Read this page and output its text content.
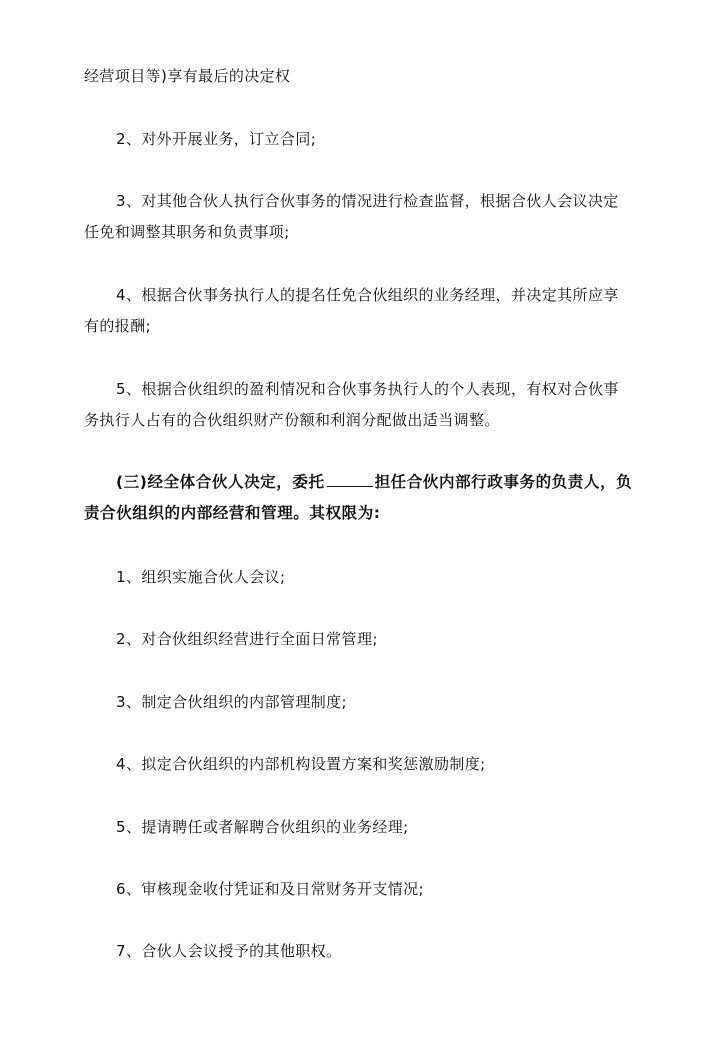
经营项目等)享有最后的决定权
2、对外开展业务，订立合同;
3、对其他合伙人执行合伙事务的情况进行检查监督，根据合伙人会议决定
任免和调整其职务和负责事项;
4、根据合伙事务执行人的提名任免合伙组织的业务经理，并决定其所应享
有的报酬;
5、根据合伙组织的盈利情况和合伙事务执行人的个人表现，有权对合伙事
务执行人占有的合伙组织财产份额和利润分配做出适当调整。
(三)经全体合伙人决定，委托	担任合伙内部行政事务的负责人，负
责合伙组织的内部经营和管理。其权限为:
1、组织实施合伙人会议;
2、对合伙组织经营进行全面日常管理;
3、制定合伙组织的内部管理制度;
4、拟定合伙组织的内部机构设置方案和奖惩激励制度;
5、提请聘任或者解聘合伙组织的业务经理;
6、审核现金收付凭证和及日常财务开支情况;
7、合伙人会议授予的其他职权。
